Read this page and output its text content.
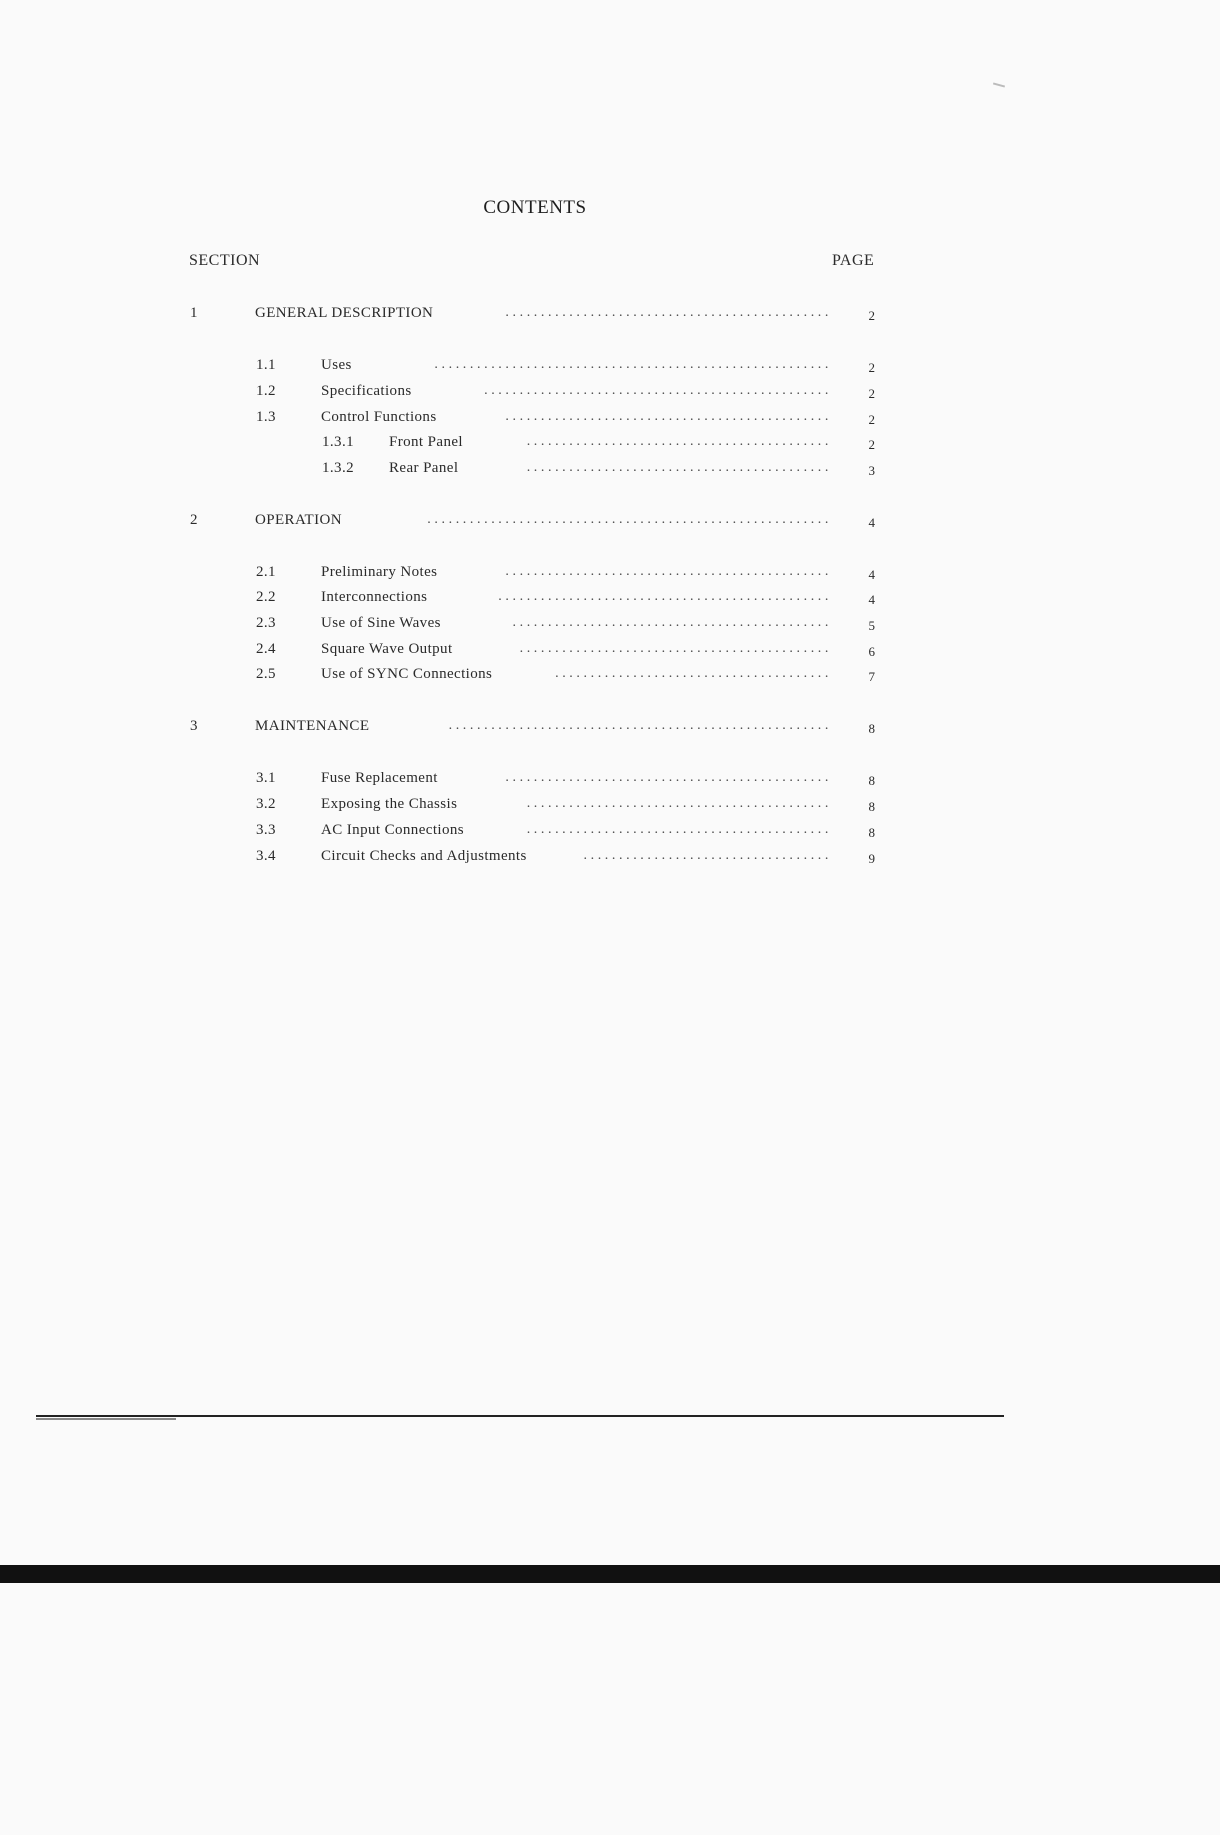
CONTENTS
SECTION	PAGE
1	GENERAL DESCRIPTION	..............................................	2
1.1	Uses	........................................................	2
1.2	Specifications	.................................................	2
1.3	Control Functions	..............................................	2
1.3.1 Front Panel	...........................................	2
1.3.2 Rear Panel	...........................................	3
2	OPERATION	.........................................................	4
2.1	Preliminary Notes	..............................................	4
2.2	Interconnections	...............................................	4
2.3	Use of Sine Waves	.............................................	5
2.4	Square Wave Output	............................................	6
2.5	Use of SYNC Connections	.......................................	7
3	MAINTENANCE	......................................................	8
3.1	Fuse Replacement	..............................................	8
3.2	Exposing the Chassis	...........................................	8
3.3	AC Input Connections	...........................................	8
3.4	Circuit Checks and Adjustments	...................................	9
